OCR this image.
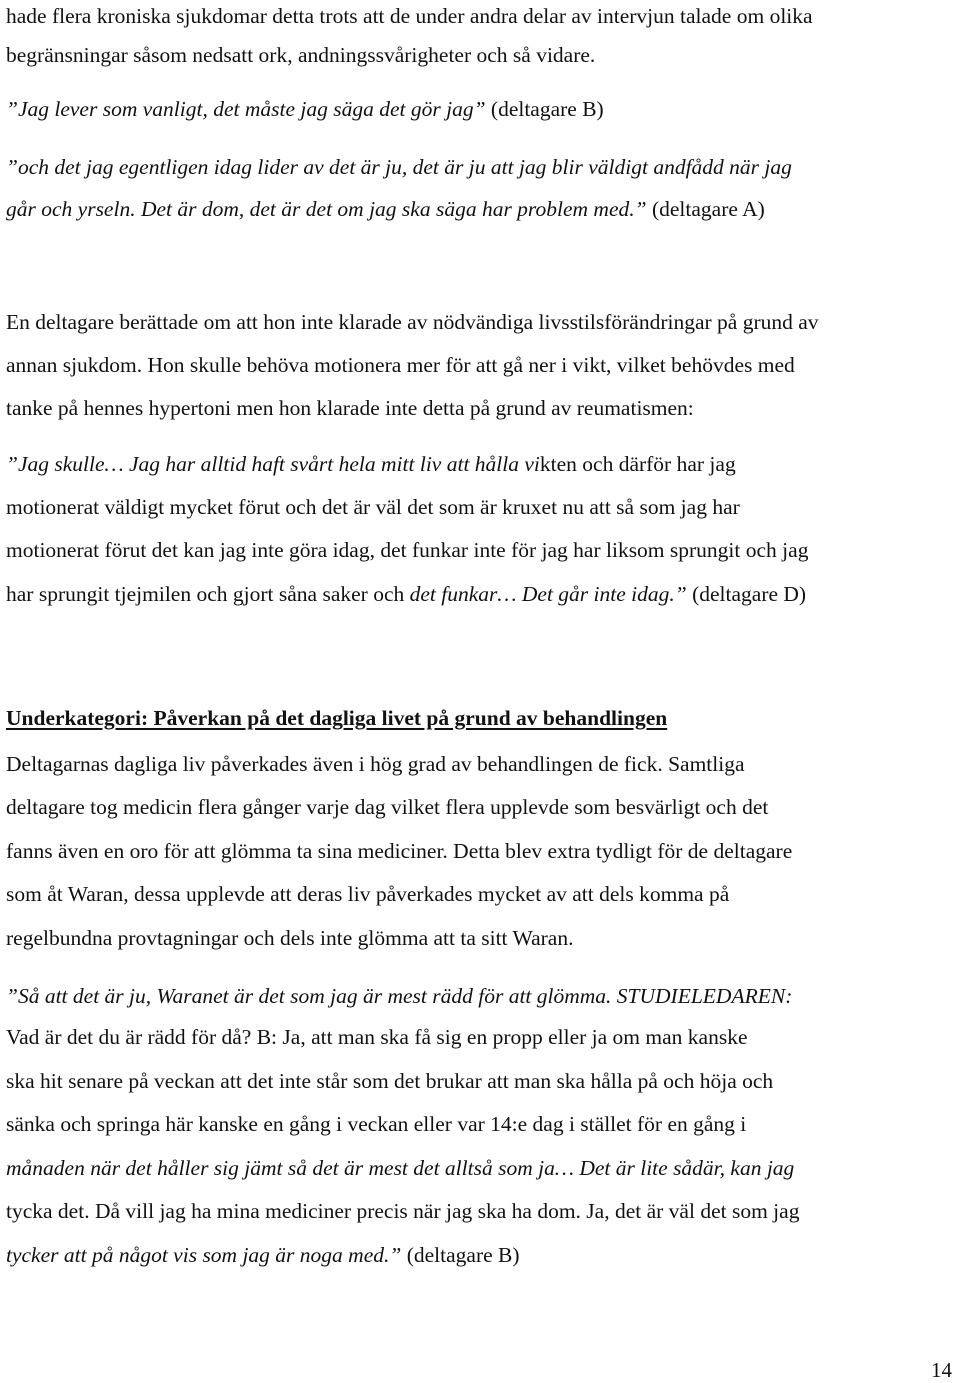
hade flera kroniska sjukdomar detta trots att de under andra delar av intervjun talade om olika

begränsningar såsom nedsatt ork, andningssvårigheter och så vidare.

”Jag lever som vanligt, det måste jag säga det gör jag” (deltagare B)

”och det jag egentligen idag lider av det är ju, det är ju att jag blir väldigt andfådd när jag

går och yrseln. Det är dom, det är det om jag ska säga har problem med.” (deltagare A)

En deltagare berättade om att hon inte klarade av nödvändiga livsstilsförändringar på grund av

annan sjukdom. Hon skulle behöva motionera mer för att gå ner i vikt, vilket behövdes med

tanke på hennes hypertoni men hon klarade inte detta på grund av reumatismen:

”Jag skulle… Jag har alltid haft svårt hela mitt liv att hålla vikten och därför har jag

motionerat väldigt mycket förut och det är väl det som är kruxet nu att så som jag har

motionerat förut det kan jag inte göra idag, det funkar inte för jag har liksom sprungit och jag

har sprungit tjejmilen och gjort såna saker och det funkar… Det går inte idag.” (deltagare D)

Underkategori: Påverkan på det dagliga livet på grund av behandlingen

Deltagarnas dagliga liv påverkades även i hög grad av behandlingen de fick. Samtliga

deltagare tog medicin flera gånger varje dag vilket flera upplevde som besvärligt och det

fanns även en oro för att glömma ta sina mediciner. Detta blev extra tydligt för de deltagare

som åt Waran, dessa upplevde att deras liv påverkades mycket av att dels komma på

regelbundna provtagningar och dels inte glömma att ta sitt Waran.

”Så att det är ju, Waranet är det som jag är mest rädd för att glömma. STUDIELEDAREN:

Vad är det du är rädd för då? B: Ja, att man ska få sig en propp eller ja om man kanske

ska hit senare på veckan att det inte står som det brukar att man ska hålla på och höja och

sänka och springa här kanske en gång i veckan eller var 14:e dag i stället för en gång i

månaden när det håller sig jämt så det är mest det alltså som ja… Det är lite sådär, kan jag

tycka det. Då vill jag ha mina mediciner precis när jag ska ha dom. Ja, det är väl det som jag

tycker att på något vis som jag är noga med.” (deltagare B)

14
